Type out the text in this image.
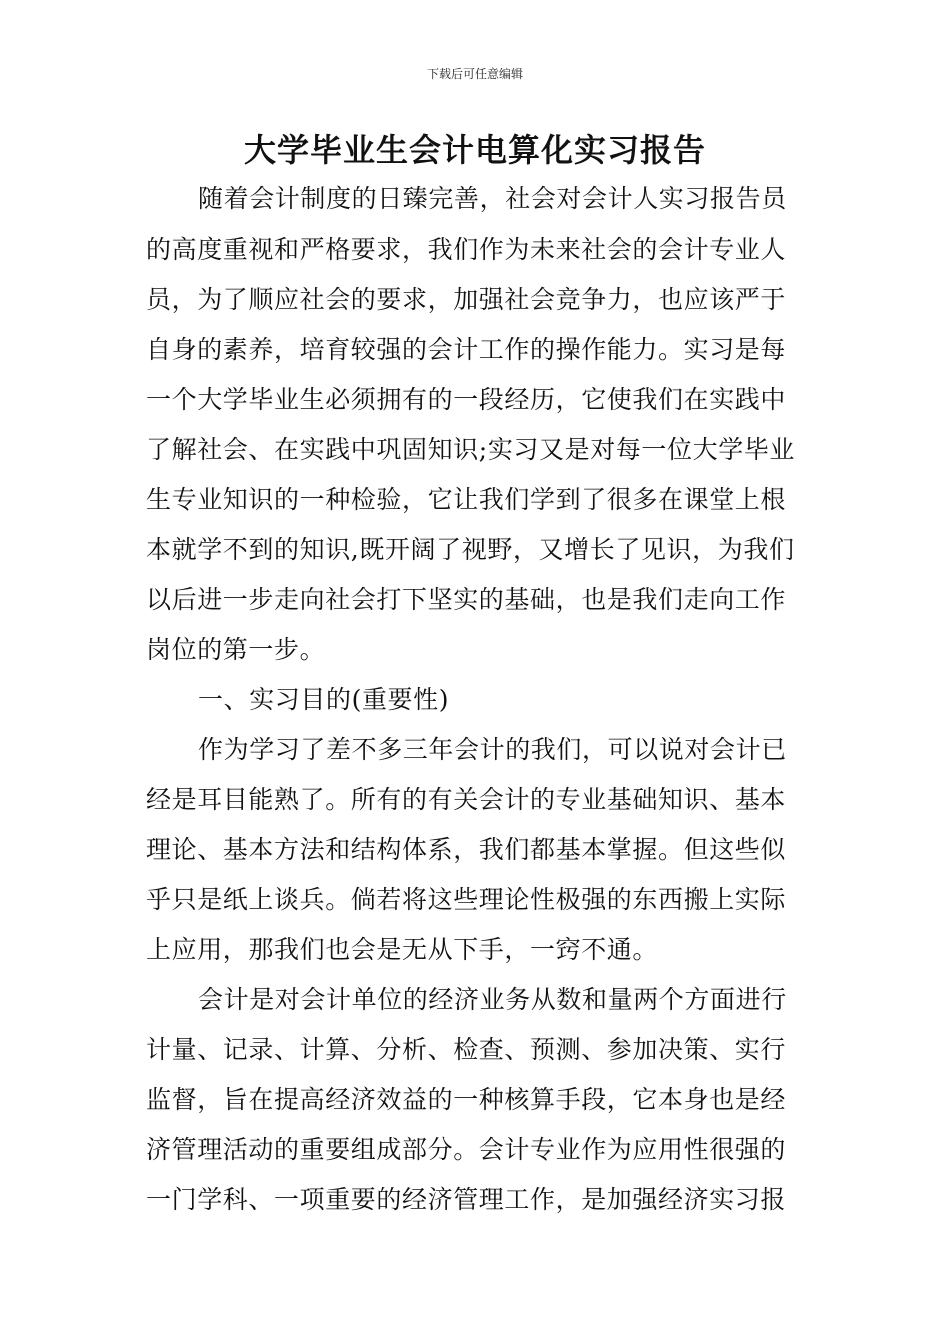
下载后可任意编辑
大学毕业生会计电算化实习报告
随着会计制度的日臻完善，社会对会计人实习报告员
的高度重视和严格要求，我们作为未来社会的会计专业人
员，为了顺应社会的要求，加强社会竞争力，也应该严于
自身的素养，培育较强的会计工作的操作能力。实习是每
一个大学毕业生必须拥有的一段经历，它使我们在实践中
了解社会、在实践中巩固知识;实习又是对每一位大学毕业
生专业知识的一种检验，它让我们学到了很多在课堂上根
本就学不到的知识,既开阔了视野，又增长了见识，为我们
以后进一步走向社会打下坚实的基础，也是我们走向工作
岗位的第一步。
一、实习目的(重要性)
作为学习了差不多三年会计的我们，可以说对会计已
经是耳目能熟了。所有的有关会计的专业基础知识、基本
理论、基本方法和结构体系，我们都基本掌握。但这些似
乎只是纸上谈兵。倘若将这些理论性极强的东西搬上实际
上应用，那我们也会是无从下手，一窍不通。
会计是对会计单位的经济业务从数和量两个方面进行
计量、记录、计算、分析、检查、预测、参加决策、实行
监督，旨在提高经济效益的一种核算手段，它本身也是经
济管理活动的重要组成部分。会计专业作为应用性很强的
一门学科、一项重要的经济管理工作，是加强经济实习报
